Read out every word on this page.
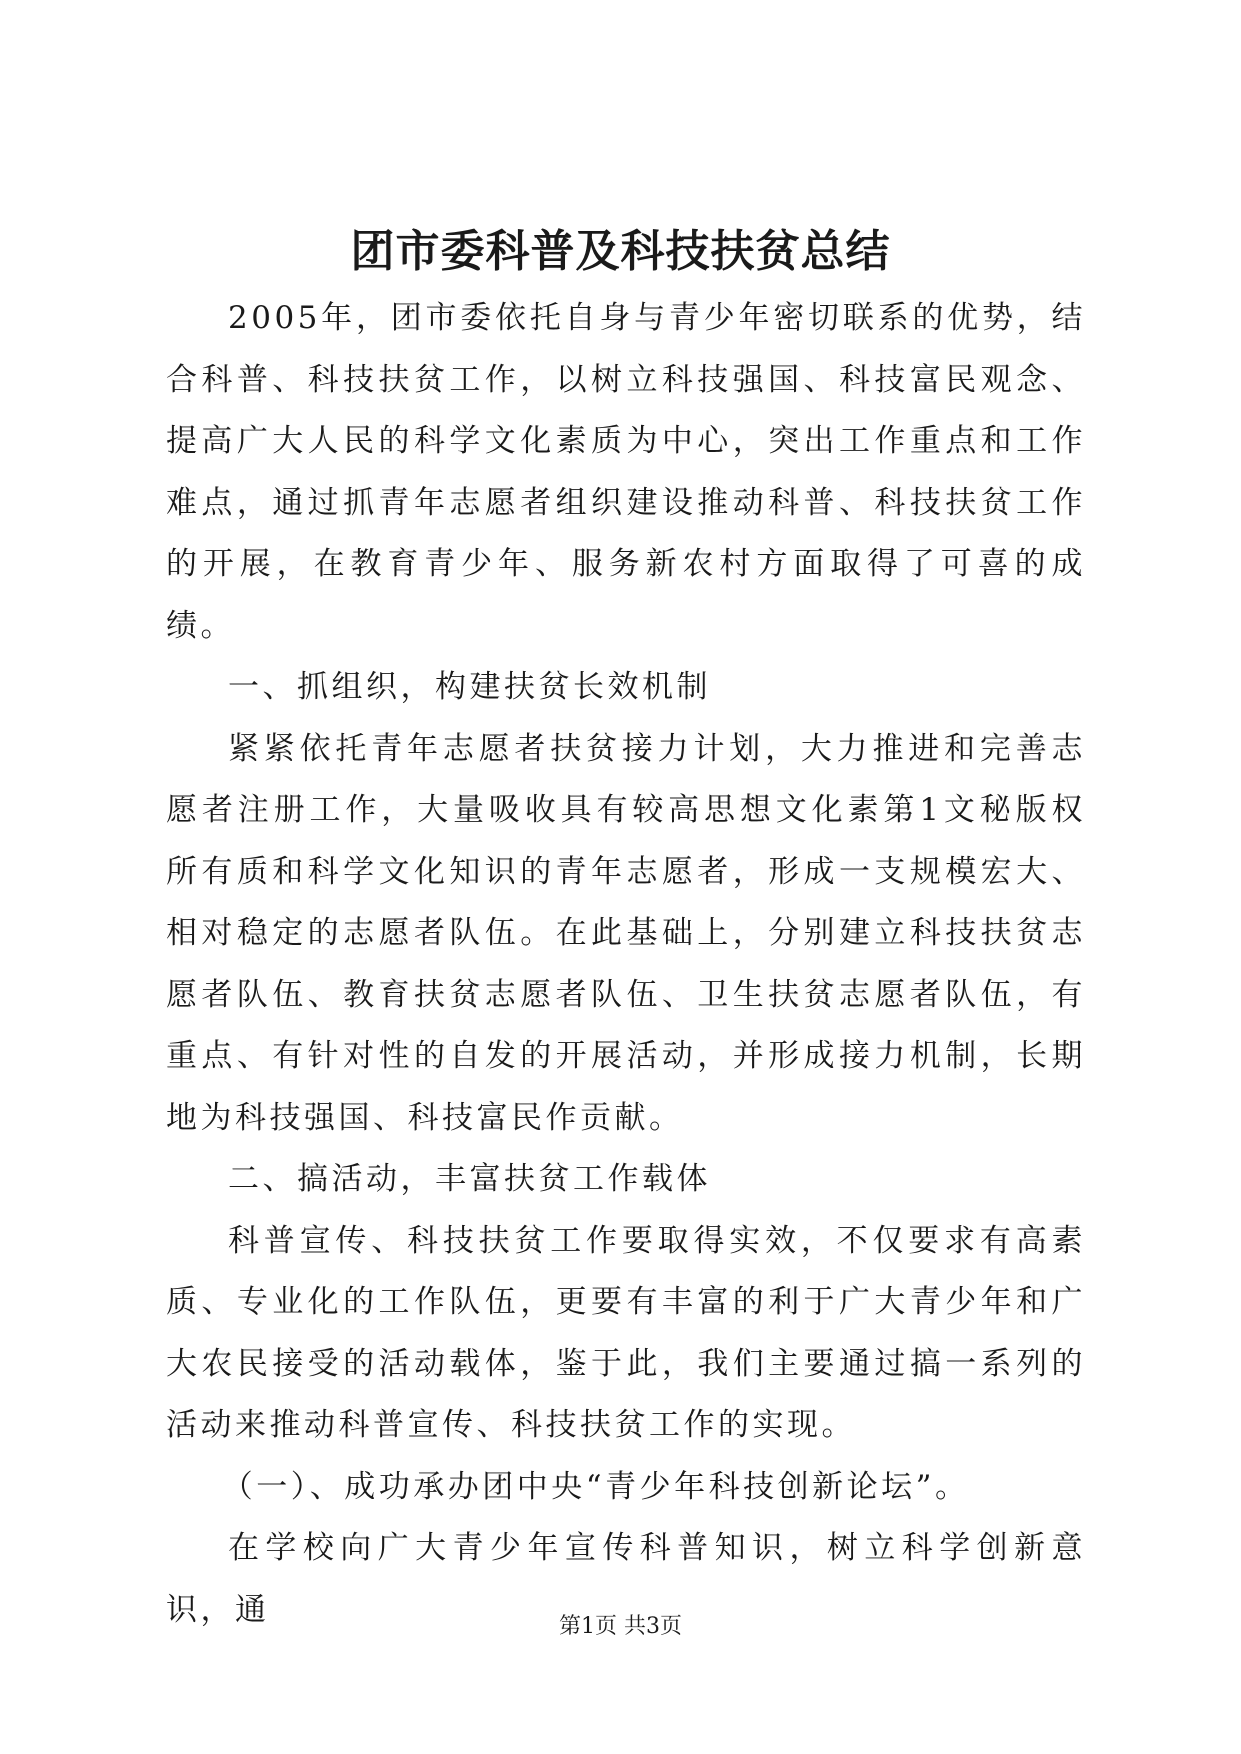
团市委科普及科技扶贫总结

2005年，团市委依托自身与青少年密切联系的优势，结合科普、科技扶贫工作，以树立科技强国、科技富民观念、提高广大人民的科学文化素质为中心，突出工作重点和工作难点，通过抓青年志愿者组织建设推动科普、科技扶贫工作的开展，在教育青少年、服务新农村方面取得了可喜的成绩。

一、抓组织，构建扶贫长效机制

紧紧依托青年志愿者扶贫接力计划，大力推进和完善志愿者注册工作，大量吸收具有较高思想文化素第1文秘版权所有质和科学文化知识的青年志愿者，形成一支规模宏大、相对稳定的志愿者队伍。在此基础上，分别建立科技扶贫志愿者队伍、教育扶贫志愿者队伍、卫生扶贫志愿者队伍，有重点、有针对性的自发的开展活动，并形成接力机制，长期地为科技强国、科技富民作贡献。

二、搞活动，丰富扶贫工作载体

科普宣传、科技扶贫工作要取得实效，不仅要求有高素质、专业化的工作队伍，更要有丰富的利于广大青少年和广大农民接受的活动载体，鉴于此，我们主要通过搞一系列的活动来推动科普宣传、科技扶贫工作的实现。

（一）、成功承办团中央“青少年科技创新论坛”。

在学校向广大青少年宣传科普知识，树立科学创新意识，通	第1页 共3页
